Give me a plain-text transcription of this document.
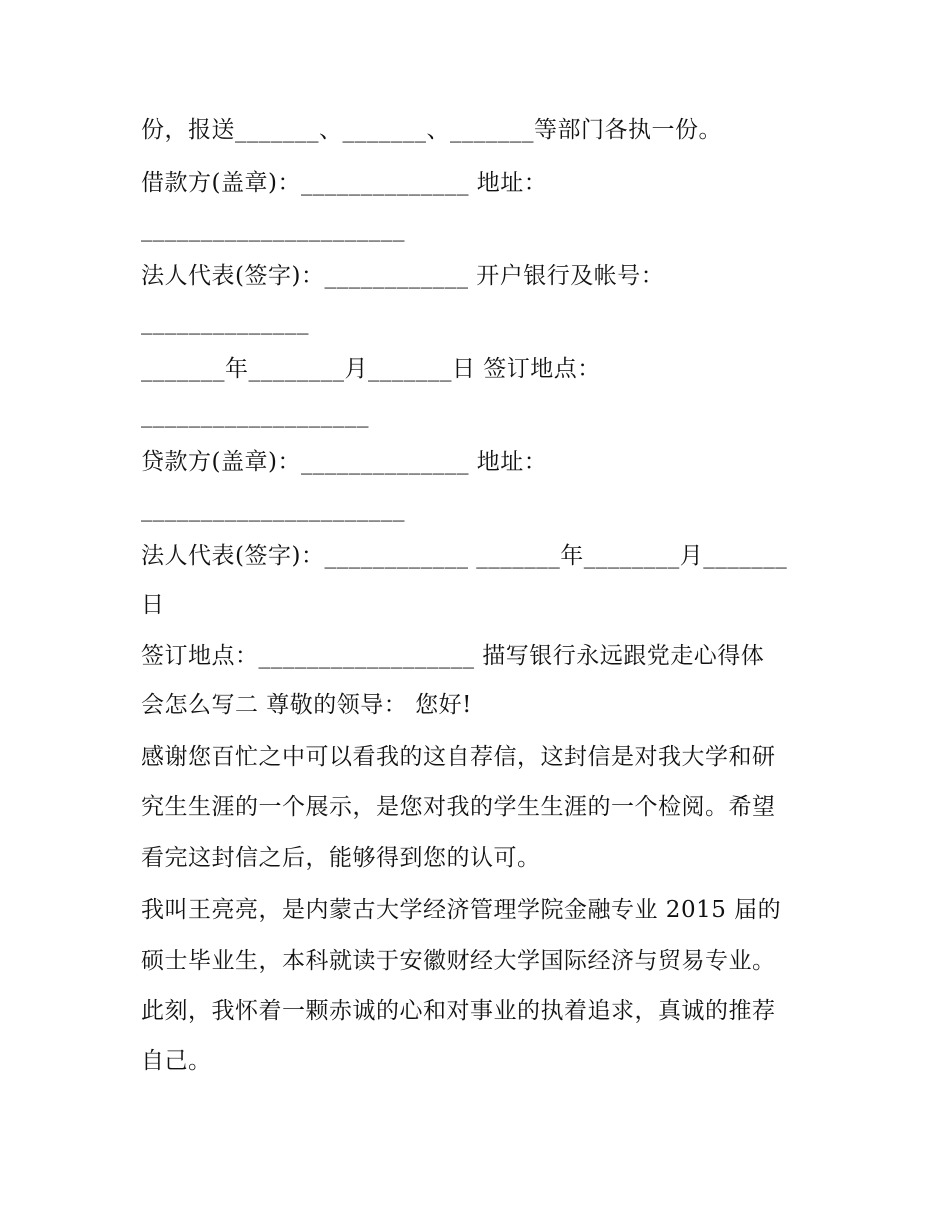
份，报送_______、_______、_______等部门各执一份。
借款方(盖章)：______________ 地址：
______________________
法人代表(签字)：____________ 开户银行及帐号：
______________
_______年________月_______日 签订地点：
___________________
贷款方(盖章)：______________ 地址：
______________________
法人代表(签字)：____________ _______年________月_______
日
签订地点：__________________ 描写银行永远跟党走心得体
会怎么写二 尊敬的领导： 您好!
感谢您百忙之中可以看我的这自荐信，这封信是对我大学和研
究生生涯的一个展示，是您对我的学生生涯的一个检阅。希望
看完这封信之后，能够得到您的认可。
我叫王亮亮，是内蒙古大学经济管理学院金融专业 2015 届的
硕士毕业生，本科就读于安徽财经大学国际经济与贸易专业。
此刻，我怀着一颗赤诚的心和对事业的执着追求，真诚的推荐
自己。
